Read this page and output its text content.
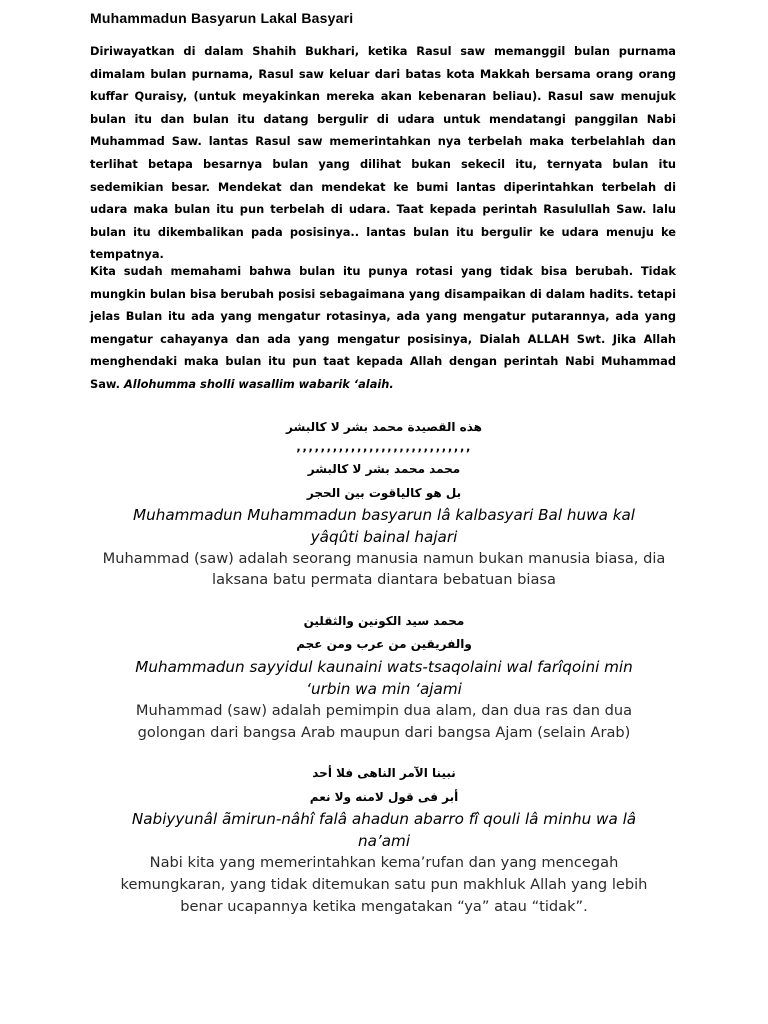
Muhammadun Basyarun Lakal Basyari

Diriwayatkan di dalam Shahih Bukhari, ketika Rasul saw memanggil bulan purnama dimalam bulan purnama, Rasul saw keluar dari batas kota Makkah bersama orang orang kuffar Quraisy, (untuk meyakinkan mereka akan kebenaran beliau). Rasul saw menujuk bulan itu dan bulan itu datang bergulir di udara untuk mendatangi panggilan Nabi Muhammad Saw. lantas Rasul saw memerintahkan nya terbelah maka terbelahlah dan terlihat betapa besarnya bulan yang dilihat bukan sekecil itu, ternyata bulan itu sedemikian besar. Mendekat dan mendekat ke bumi lantas diperintahkan terbelah di udara maka bulan itu pun terbelah di udara. Taat kepada perintah Rasulullah Saw. lalu bulan itu dikembalikan pada posisinya.. lantas bulan itu bergulir ke udara menuju ke tempatnya.

Kita sudah memahami bahwa bulan itu punya rotasi yang tidak bisa berubah. Tidak mungkin bulan bisa berubah posisi sebagaimana yang disampaikan di dalam hadits. tetapi jelas Bulan itu ada yang mengatur rotasinya, ada yang mengatur putarannya, ada yang mengatur cahayanya dan ada yang mengatur posisinya, Dialah ALLAH Swt. Jika Allah menghendaki maka bulan itu pun taat kepada Allah dengan perintah Nabi Muhammad Saw. Allohumma sholli wasallim wabarik ‘alaih.

هذه القصيدة محمد بشر لا كالبشر
‚‚‚‚‚‚‚‚‚‚‚‚‚‚‚‚‚‚‚‚‚‚‚‚‚‚‚‚‚
محمد محمد بشر لا كالبشر
بل هو كالياقوت بين الحجر
Muhammadun Muhammadun basyarun lâ kalbasyari Bal huwa kal
yâqûti bainal hajari
Muhammad (saw) adalah seorang manusia namun bukan manusia biasa, dia
laksana batu permata diantara bebatuan biasa
محمد سيد الكونين والثقلين
والفريقين من عرب ومن عجم
Muhammadun sayyidul kaunaini wats-tsaqolaini wal farîqoini min
‘urbin wa min ‘ajami
Muhammad (saw) adalah pemimpin dua alam, dan dua ras dan dua
golongan dari bangsa Arab maupun dari bangsa Ajam (selain Arab)
نبينا الآمر الناهى فلا أحد
أبر فى قول لامنه ولا نعم
Nabiyyunâl ãmirun-nâhî falâ ahadun abarro fî qouli lâ minhu wa lâ
na’ami
Nabi kita yang memerintahkan kema’rufan dan yang mencegah
kemungkaran, yang tidak ditemukan satu pun makhluk Allah yang lebih
benar ucapannya ketika mengatakan “ya” atau “tidak”.
